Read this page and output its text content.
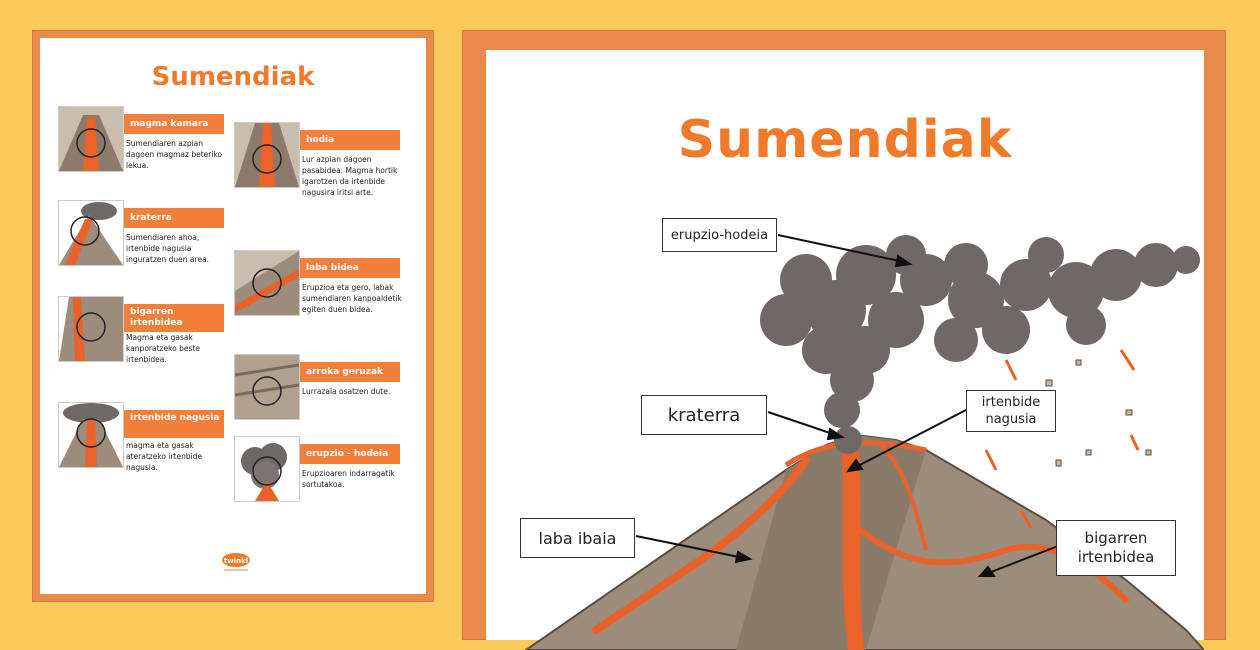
Sumendiak
magma kamara
Sumendiaren azpian dagoen magmaz beteriko lekua.
kraterra
Sumendiaren ahoa, irtenbide nagusia inguratzen duen area.
bigarren irtenbidea
Magma eta gasak kanporatzeko beste irtenbidea.
irtenbide nagusia
magma eta gasak ateratzeko irtenbide nagusia.
hodia
Lur azpian dagoen pasabidea. Magma hortik igarotzen da irtenbide nagusira iritsi arte.
laba bidea
Erupzioa eta gero, labak sumendiaren kanpoaldetik egiten duen bidea.
arroka geruzak
Lurrazala osatzen dute.
erupzio - hodeia
Erupzioaren indarragatik sortutakoa.
twinkl
Sumendiak
erupzio-hodeia
kraterra
irtenbide nagusia
laba ibaia	bigarren irtenbidea
